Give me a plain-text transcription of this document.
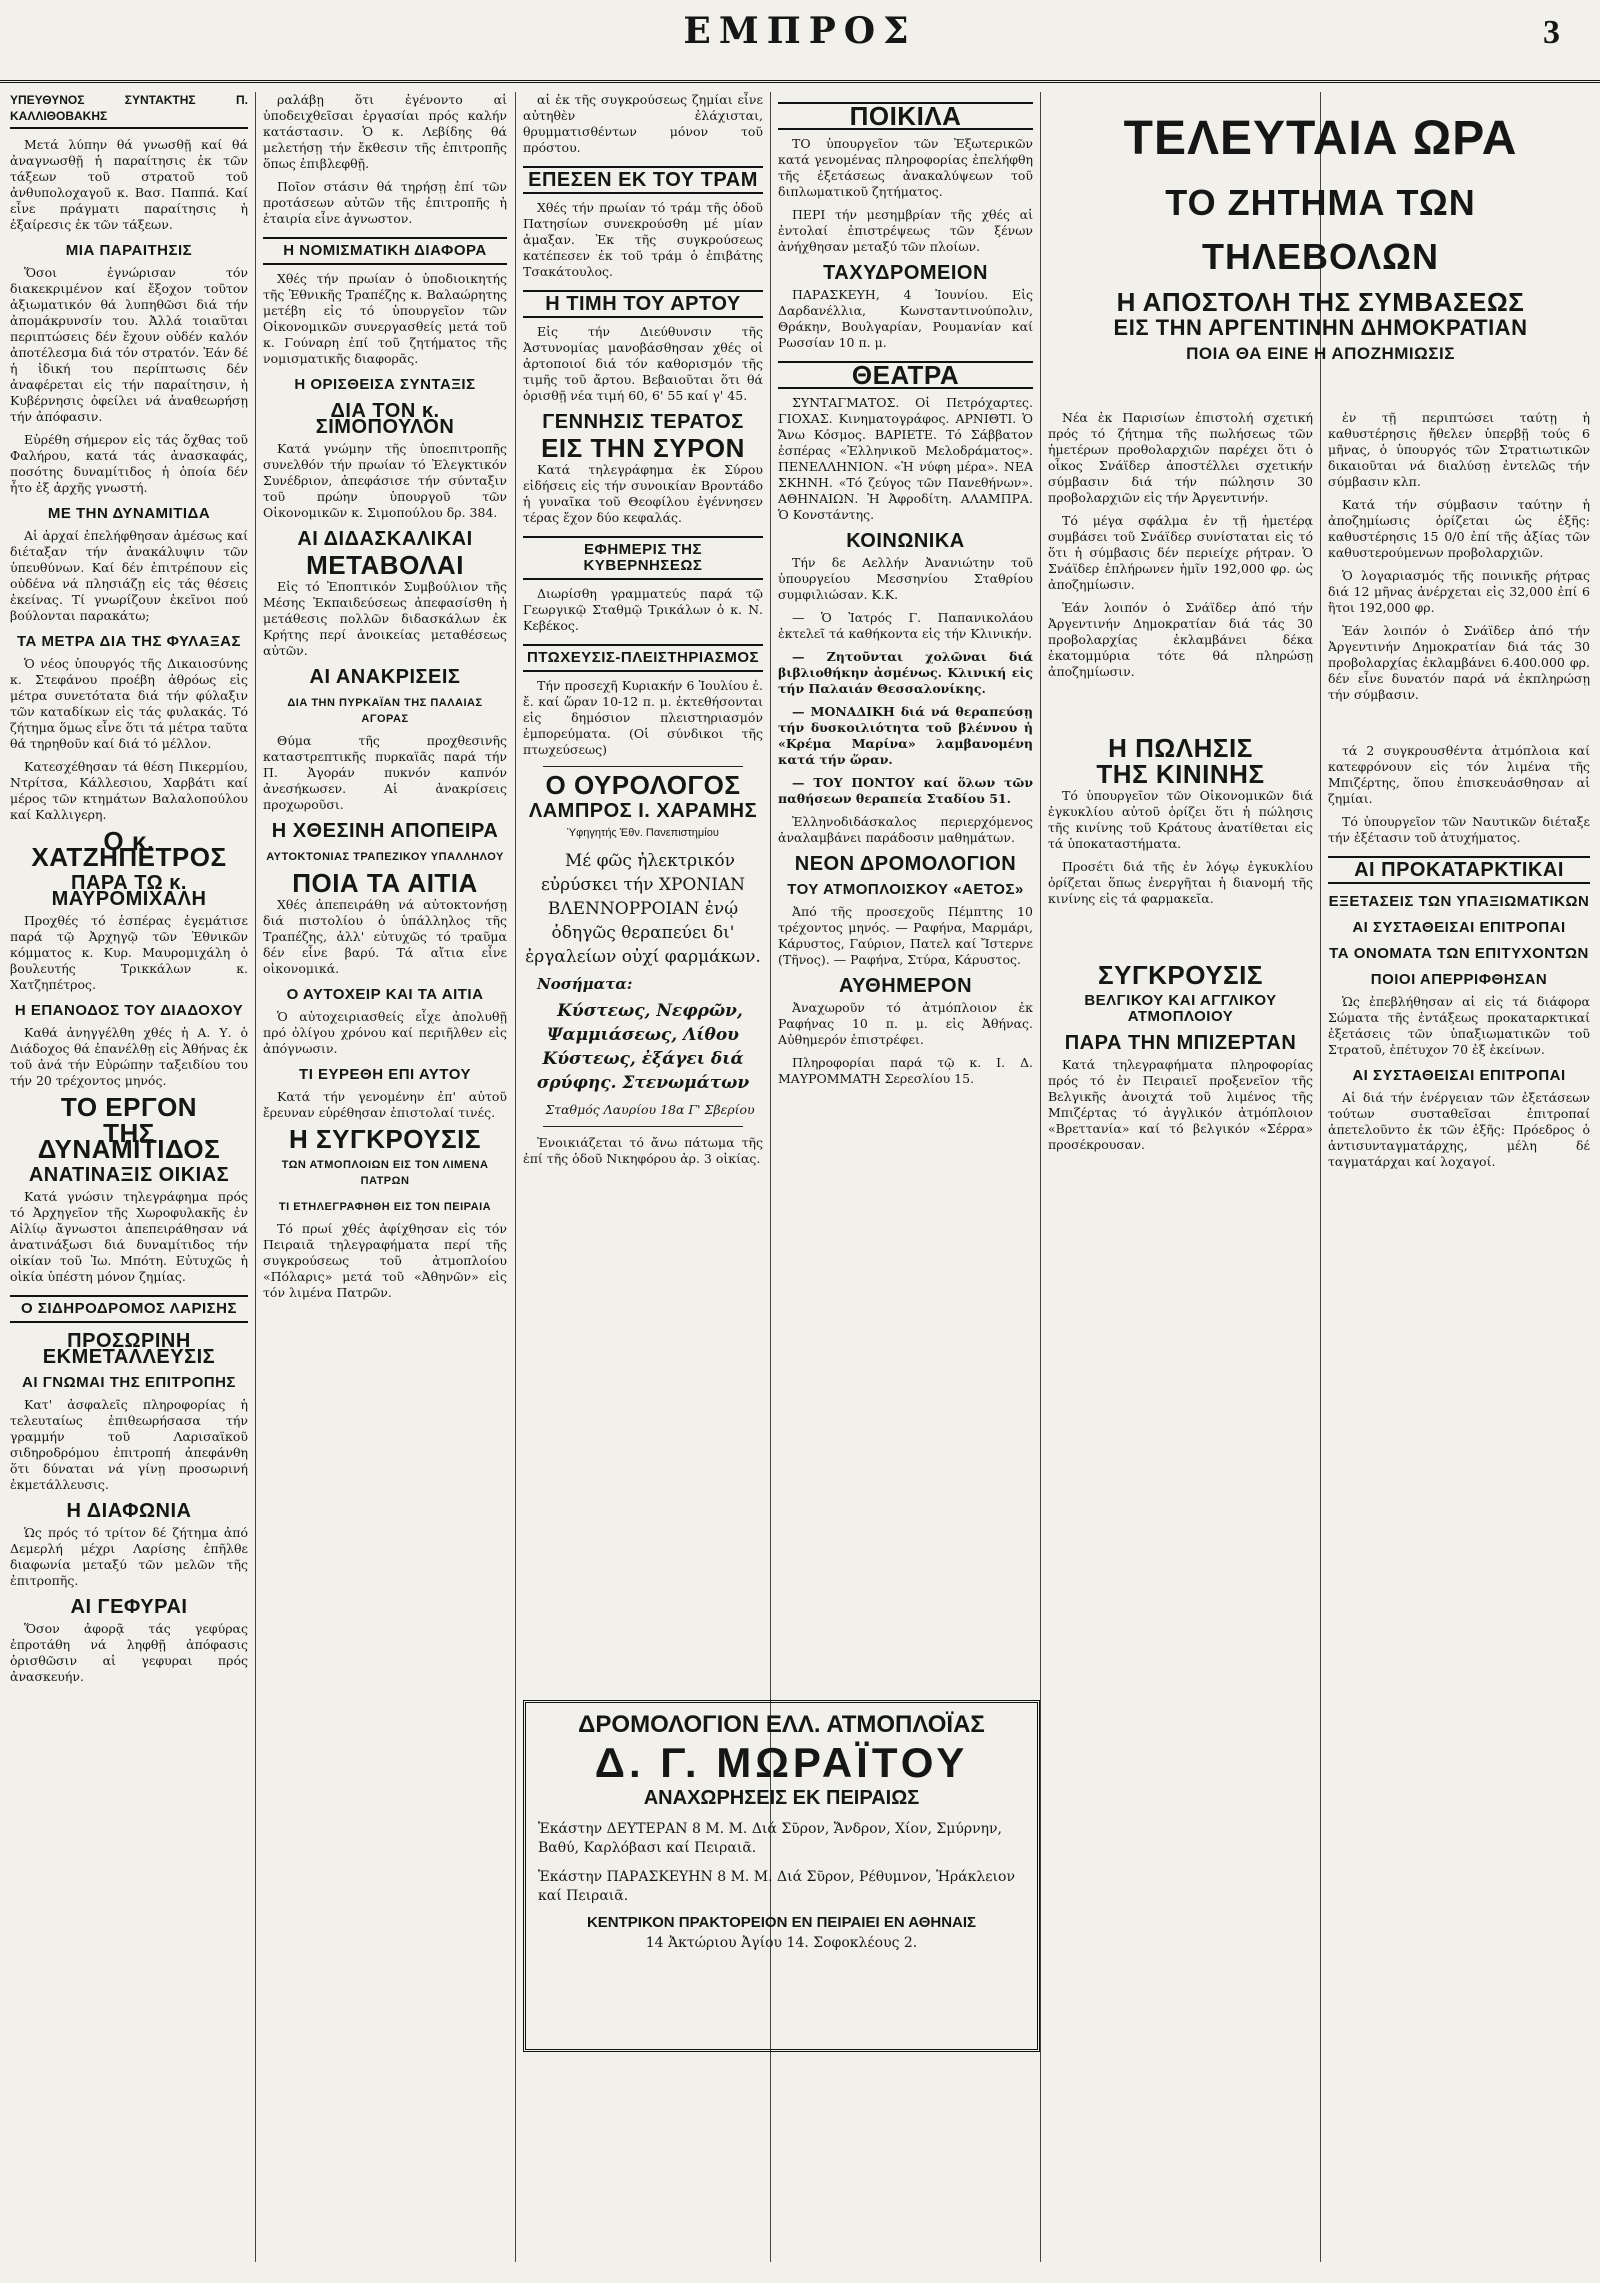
ΕΜΠΡΟΣ	3
ΥΠΕΥΘΥΝΟΣ ΣΥΝΤΑΚΤΗΣ Π. ΚΑΛΛΙΘΟΒΑΚΗΣ

Μετά λύπην θά γνωσθῇ καί θά ἀναγνωσθῇ ἡ παραίτησις ἐκ τῶν τάξεων τοῦ στρατοῦ τοῦ ἀνθυπολοχαγοῦ κ. Βασ. Παππά. Καί εἶνε πράγματι παραίτησις ἡ ἐξαίρεσις ἐκ τῶν τάξεων.

ΜΙΑ ΠΑΡΑΙΤΗΣΙΣ

Ὅσοι ἐγνώρισαν τόν διακεκριμένον καί ἔξοχον τοῦτον ἀξιωματικόν θά λυπηθῶσι διά τήν ἀπομάκρυνσίν του. Ἀλλά τοιαῦται περιπτώσεις δέν ἔχουν οὐδέν καλόν ἀποτέλεσμα διά τόν στρατόν. Ἐάν δέ ἡ ἰδική του περίπτωσις δέν ἀναφέρεται εἰς τήν παραίτησιν, ἡ Κυβέρνησις ὀφείλει νά ἀναθεωρήσῃ τήν ἀπόφασιν.

Εὑρέθη σήμερον εἰς τάς ὄχθας τοῦ Φαλήρου, κατά τάς ἀνασκαφάς, ποσότης δυναμίτιδος ἡ ὁποία δέν ἦτο ἐξ ἀρχῆς γνωστή.

ΜΕ ΤΗΝ ΔΥΝΑΜΙΤΙΔΑ

Αἱ ἀρχαί ἐπελήφθησαν ἀμέσως καί διέταξαν τήν ἀνακάλυψιν τῶν ὑπευθύνων. Καί δέν ἐπιτρέπουν εἰς οὐδένα νά πλησιάζῃ εἰς τάς θέσεις ἐκείνας. Τί γνωρίζουν ἐκεῖνοι πού βούλονται παρακάτω;

ΤΑ ΜΕΤΡΑ ΔΙΑ ΤΗΣ ΦΥΛΑΞΑΣ

Ὁ νέος ὑπουργός τῆς Δικαιοσύνης κ. Στεφάνου προέβη ἀθρόως εἰς μέτρα συνετότατα διά τήν φύλαξιν τῶν καταδίκων εἰς τάς φυλακάς. Τό ζήτημα ὅμως εἶνε ὅτι τά μέτρα ταῦτα θά τηρηθοῦν καί διά τό μέλλον.

Κατεσχέθησαν τά θέση Πικερμίου, Ντρίτσα, Κάλλεσιου, Χαρβάτι καί μέρος τῶν κτημάτων Βαλαλοπούλου καί Καλλιγερη.

Ο κ. ΧΑΤΖΗΠΕΤΡΟΣ
ΠΑΡΑ ΤΩ κ. ΜΑΥΡΟΜΙΧΑΛΗ

Προχθές τό ἑσπέρας ἐγεμάτισε παρά τῷ Ἀρχηγῷ τῶν Ἐθνικῶν κόμματος κ. Κυρ. Μαυρομιχάλη ὁ βουλευτής Τρικκάλων κ. Χατζηπέτρος.

Η ΕΠΑΝΟΔΟΣ ΤΟΥ ΔΙΑΔΟΧΟΥ

Καθά ἀνηγγέλθη χθές ἡ Α. Υ. ὁ Διάδοχος θά ἐπανέλθῃ εἰς Ἀθήνας ἐκ τοῦ ἀνά τήν Εὐρώπην ταξειδίου του τήν 20 τρέχοντος μηνός.

ΤΟ ΕΡΓΟΝ
ΤΗΣ ΔΥΝΑΜΙΤΙΔΟΣ
ΑΝΑΤΙΝΑΞΙΣ ΟΙΚΙΑΣ

Κατά γνώσιν τηλεγράφημα πρός τό Ἀρχηγεῖον τῆς Χωροφυλακῆς ἐν Αἰλίῳ ἄγνωστοι ἀπεπειράθησαν νά ἀνατινάξωσι διά δυναμίτιδος τήν οἰκίαν τοῦ Ἰω. Μπότη. Εὐτυχῶς ἡ οἰκία ὑπέστη μόνον ζημίας.

Ο ΣΙΔΗΡΟΔΡΟΜΟΣ ΛΑΡΙΣΗΣ
ΠΡΟΣΩΡΙΝΗ ΕΚΜΕΤΑΛΛΕΥΣΙΣ
ΑΙ ΓΝΩΜΑΙ ΤΗΣ ΕΠΙΤΡΟΠΗΣ

Κατ' ἀσφαλεῖς πληροφορίας ἡ τελευταίως ἐπιθεωρήσασα τήν γραμμήν τοῦ Λαρισαϊκοῦ σιδηροδρόμου ἐπιτροπή ἀπεφάνθη ὅτι δύναται νά γίνῃ προσωρινή ἐκμετάλλευσις.

Η ΔΙΑΦΩΝΙΑ

Ὡς πρός τό τρίτον δέ ζήτημα ἀπό Δεμερλή μέχρι Λαρίσης ἐπῆλθε διαφωνία μεταξύ τῶν μελῶν τῆς ἐπιτροπῆς.

ΑΙ ΓΕΦΥΡΑΙ

Ὅσον ἀφορᾷ τάς γεφύρας ἐπροτάθη νά ληφθῇ ἀπόφασις ὁρισθῶσιν αἱ γεφυραι πρός ἀνασκευήν.

ραλάβῃ ὅτι ἐγένοντο αἱ ὑποδειχθεῖσαι ἐργασίαι πρός καλήν κατάστασιν. Ὁ κ. Λεβίδης θά μελετήσῃ τήν ἔκθεσιν τῆς ἐπιτροπῆς ὅπως ἐπιβλεφθῇ.

Ποῖον στάσιν θά τηρήσῃ ἐπί τῶν προτάσεων αὐτῶν τῆς ἐπιτροπῆς ἡ ἑταιρία εἶνε ἀγνωστον.

Η ΝΟΜΙΣΜΑΤΙΚΗ ΔΙΑΦΟΡΑ

Χθές τήν πρωίαν ὁ ὑποδιοικητής τῆς Ἐθνικῆς Τραπέζης κ. Βαλαώρητης μετέβη εἰς τό ὑπουργεῖον τῶν Οἰκονομικῶν συνεργασθείς μετά τοῦ κ. Γούναρη ἐπί τοῦ ζητήματος τῆς νομισματικῆς διαφορᾶς.

Η ΟΡΙΣΘΕΙΣΑ ΣΥΝΤΑΞΙΣ
ΔΙΑ ΤΟΝ κ. ΣΙΜΟΠΟΥΛΟΝ

Κατά γνώμην τῆς ὑποεπιτροπῆς συνελθόν τήν πρωίαν τό Ἐλεγκτικόν Συνέδριον, ἀπεφάσισε τήν σύνταξιν τοῦ πρώην ὑπουργοῦ τῶν Οἰκονομικῶν κ. Σιμοπούλου δρ. 384.

ΑΙ ΔΙΔΑΣΚΑΛΙΚΑΙ
ΜΕΤΑΒΟΛΑΙ

Εἰς τό Ἐποπτικόν Συμβούλιον τῆς Μέσης Ἐκπαιδεύσεως ἀπεφασίσθη ἡ μετάθεσις πολλῶν διδασκάλων ἐκ Κρήτης περί ἀνοικείας μεταθέσεως αὐτῶν.

ΑΙ ΑΝΑΚΡΙΣΕΙΣ
ΔΙΑ ΤΗΝ ΠΥΡΚΑΪΑΝ ΤΗΣ ΠΑΛΑΙΑΣ ΑΓΟΡΑΣ

Θύμα τῆς προχθεσινῆς καταστρεπτικῆς πυρκαϊᾶς παρά τήν Π. Ἀγοράν πυκνόν καπνόν ἀνεσήκωσεν. Αἱ ἀνακρίσεις προχωροῦσι.

Η ΧΘΕΣΙΝΗ ΑΠΟΠΕΙΡΑ
ΑΥΤΟΚΤΟΝΙΑΣ ΤΡΑΠΕΖΙΚΟΥ ΥΠΑΛΛΗΛΟΥ
ΠΟΙΑ ΤΑ ΑΙΤΙΑ

Χθές ἀπεπειράθη νά αὐτοκτονήσῃ διά πιστολίου ὁ ὑπάλληλος τῆς Τραπέζης, ἀλλ' εὐτυχῶς τό τραῦμα δέν εἶνε βαρύ. Τά αἴτια εἶνε οἰκονομικά.

Ο ΑΥΤΟΧΕΙΡ ΚΑΙ ΤΑ ΑΙΤΙΑ

Ὁ αὐτοχειριασθείς εἶχε ἀπολυθῇ πρό ὀλίγου χρόνου καί περιῆλθεν εἰς ἀπόγνωσιν.

ΤΙ ΕΥΡΕΘΗ ΕΠΙ ΑΥΤΟΥ

Κατά τήν γενομένην ἐπ' αὐτοῦ ἔρευναν εὑρέθησαν ἐπιστολαί τινές.

Η ΣΥΓΚΡΟΥΣΙΣ
ΤΩΝ ΑΤΜΟΠΛΟΙΩΝ ΕΙΣ ΤΟΝ ΛΙΜΕΝΑ ΠΑΤΡΩΝ
ΤΙ ΕΤΗΛΕΓΡΑΦΗΘΗ ΕΙΣ ΤΟΝ ΠΕΙΡΑΙΑ

Τό πρωί χθές ἀφίχθησαν εἰς τόν Πειραιᾶ τηλεγραφήματα περί τῆς συγκρούσεως τοῦ ἀτμοπλοίου «Πόλαρις» μετά τοῦ «Ἀθηνῶν» εἰς τόν λιμένα Πατρῶν.

αἱ ἐκ τῆς συγκρούσεως ζημίαι εἶνε αὐτηθὲν ἐλάχισται, θρυμματισθέντων μόνον τοῦ πρόστου.

ΕΠΕΣΕΝ ΕΚ ΤΟΥ ΤΡΑΜ

Χθές τήν πρωίαν τό τράμ τῆς ὁδοῦ Πατησίων συνεκρούσθη μέ μίαν ἁμαξαν. Ἐκ τῆς συγκρούσεως κατέπεσεν ἐκ τοῦ τράμ ὁ ἐπιβάτης Τσακάτουλος.

Η ΤΙΜΗ ΤΟΥ ΑΡΤΟΥ

Εἰς τήν Διεύθυνσιν τῆς Ἀστυνομίας μανοβάσθησαν χθές οἱ ἀρτοποιοί διά τόν καθορισμόν τῆς τιμῆς τοῦ ἄρτου. Βεβαιοῦται ὅτι θά ὁρισθῇ νέα τιμή 60, 6' 55 καί γ' 45.

ΓΕΝΝΗΣΙΣ ΤΕΡΑΤΟΣ
ΕΙΣ ΤΗΝ ΣΥΡΟΝ

Κατά τηλεγράφημα ἐκ Σύρου εἰδήσεις εἰς τήν συνοικίαν Βροντάδο ἡ γυναῖκα τοῦ Θεοφίλου ἐγέννησεν τέρας ἔχον δύο κεφαλάς.

ΕΦΗΜΕΡΙΣ ΤΗΣ ΚΥΒΕΡΝΗΣΕΩΣ

Διωρίσθη γραμματεύς παρά τῷ Γεωργικῷ Σταθμῷ Τρικάλων ὁ κ. Ν. Κεβέκος.

ΠΤΩΧΕΥΣΙΣ-ΠΛΕΙΣΤΗΡΙΑΣΜΟΣ

Τήν προσεχῆ Κυριακήν 6 Ἰουλίου ἐ. ἔ. καί ὥραν 10-12 π. μ. ἐκτεθήσονται εἰς δημόσιον πλειστηριασμόν ἐμπορεύματα. (Οἱ σύνδικοι τῆς πτωχεύσεως)

Ο ΟΥΡΟΛΟΓΟΣ
ΛΑΜΠΡΟΣ Ι. ΧΑΡΑΜΗΣ
Ὑφηγητής Ἐθν. Πανεπιστημίου

Μέ φῶς ἠλεκτρικόν εὐρύσκει τήν ΧΡΟΝΙΑΝ ΒΛΕΝΝΟΡΡΟΙΑΝ ἐνῴ ὁδηγῶς θεραπεύει δι' ἐργαλείων οὐχί φαρμάκων.

Νοσήματα:

Κύστεως, Νεφρῶν, Ψαμμιάσεως, Λίθου Κύστεως, ἐξάγει διά σρύφης. Στενωμάτων

Σταθμός Λαυρίου 18α Γ' Σβερίου

Ἐνοικιάζεται τό ἄνω πάτωμα τῆς ἐπί τῆς ὁδοῦ Νικηφόρου ἀρ. 3 οἰκίας.

ΠΟΙΚΙΛΑ

ΤΟ ὑπουργεῖον τῶν Ἐξωτερικῶν κατά γενομένας πληροφορίας ἐπελήφθη τῆς ἐξετάσεως ἀνακαλύψεων τοῦ διπλωματικοῦ ζητήματος.

ΠΕΡΙ τήν μεσημβρίαν τῆς χθές αἱ ἐντολαί ἐπιστρέψεως τῶν ξένων ἀνήχθησαν μεταξύ τῶν πλοίων.

ΤΑΧΥΔΡΟΜΕΙΟΝ

ΠΑΡΑΣΚΕΥΗ, 4 Ἰουνίου. Εἰς Δαρδανέλλια, Κωνσταντινούπολιν, Θράκην, Βουλγαρίαν, Ρουμανίαν καί Ρωσσίαν 10 π. μ.

ΘΕΑΤΡΑ

ΣΥΝΤΑΓΜΑΤΟΣ. Οἱ Πετρόχαρτες. ΓΙΟΧΑΣ. Κινηματογράφος. ΑΡΝΙΘΤΙ. Ὁ Ἄνω Κόσμος. ΒΑΡΙΕΤΕ. Τό Σάββατον ἑσπέρας «Ἑλληνικοῦ Μελοδράματος». ΠΕΝΕΛΛΗΝΙΟΝ. «Ἡ νύφη μέρα». ΝΕΑ ΣΚΗΝΗ. «Τό ζεύγος τῶν Πανεθήνων». ΑΘΗΝΑΙΩΝ. Ἡ Ἀφροδίτη. ΑΛΑΜΠΡΑ. Ὁ Κονστάντης.

ΚΟΙΝΩΝΙΚΑ

Τήν δε Αελλήν Ἀνανιώτην τοῦ ὑπουργείου Μεσσηνίου Σταθρίου συμφιλιώσαν. Κ.Κ.

— Ὁ Ἰατρός Γ. Παπανικολάου ἐκτελεῖ τά καθήκοντα εἰς τήν Κλινικήν.

— Ζητοῦνται χολῶναι διά βιβλιοθήκην ἀσμένως. Κλινική εἰς τήν Παλαιάν Θεσσαλονίκης.

— ΜΟΝΑΔΙΚΗ διά νά θεραπεύσῃ τήν δυσκοιλιότητα τοῦ βλέννου ἡ «Κρέμα Μαρίνα» λαμβανομένη κατά τήν ὥραν.

— ΤΟΥ ΠΟΝΤΟΥ καί ὅλων τῶν παθήσεων θεραπεία Σταδίου 51.

Ἑλληνοδιδάσκαλος περιερχόμενος ἀναλαμβάνει παράδοσιν μαθημάτων.

ΝΕΟΝ ΔΡΟΜΟΛΟΓΙΟΝ
ΤΟΥ ΑΤΜΟΠΛΟΙΣΚΟΥ «ΑΕΤΟΣ»

Ἀπό τῆς προσεχοῦς Πέμπτης 10 τρέχοντος μηνός. — Ραφήνα, Μαρμάρι, Κάρυστος, Γαύριον, Πατελ καί Ἴστερνε (Τῆνος). — Ραφήνα, Στύρα, Κάρυστος.

ΑΥΘΗΜΕΡΟΝ

Ἀναχωροῦν τό ἀτμόπλοιον ἐκ Ραφήνας 10 π. μ. εἰς Ἀθήνας. Αὐθημερόν ἐπιστρέφει.

Πληροφορίαι παρά τῷ κ. Ι. Δ. ΜΑΥΡΟΜΜΑΤΗ Σερεσλίου 15.

ΤΕΛΕΥΤΑΙΑ ΩΡΑ
ΤΟ ΖΗΤΗΜΑ ΤΩΝ ΤΗΛΕΒΟΛΩΝ
Η ΑΠΟΣΤΟΛΗ ΤΗΣ ΣΥΜΒΑΣΕΩΣ
ΕΙΣ ΤΗΝ ΑΡΓΕΝΤΙΝΗΝ ΔΗΜΟΚΡΑΤΙΑΝ
ΠΟΙΑ ΘΑ ΕΙΝΕ Η ΑΠΟΖΗΜΙΩΣΙΣ

Νέα ἐκ Παρισίων ἐπιστολή σχετική πρός τό ζήτημα τῆς πωλήσεως τῶν ἡμετέρων προθολαρχιῶν παρέχει ὅτι ὁ οἶκος Σνάϊδερ ἀποστέλλει σχετικήν σύμβασιν διά τήν πώλησιν 30 προβολαρχιῶν εἰς τήν Ἀργεντινήν.

Τό μέγα σφάλμα ἐν τῇ ἡμετέρᾳ συμβάσει τοῦ Σνάϊδερ συνίσταται εἰς τό ὅτι ἡ σύμβασις δέν περιείχε ρήτραν. Ὁ Σνάϊδερ ἐπλήρωνεν ἡμῖν 192,000 φρ. ὡς ἀποζημίωσιν.

Ἐάν λοιπόν ὁ Σνάϊδερ ἀπό τήν Ἀργεντινήν Δημοκρατίαν διά τάς 30 προβολαρχίας ἐκλαμβάνει δέκα ἑκατομμύρια τότε θά πληρώσῃ ἀποζημίωσιν.

Η ΠΩΛΗΣΙΣ
ΤΗΣ ΚΙΝΙΝΗΣ

Τό ὑπουργεῖον τῶν Οἰκονομικῶν διά ἐγκυκλίου αὐτοῦ ὁρίζει ὅτι ἡ πώλησις τῆς κινίνης τοῦ Κράτους ἀνατίθεται εἰς τά ὑποκαταστήματα.

Προσέτι διά τῆς ἐν λόγῳ ἐγκυκλίου ὁρίζεται ὅπως ἐνεργῆται ἡ διανομή τῆς κινίνης εἰς τά φαρμακεῖα.

ΣΥΓΚΡΟΥΣΙΣ
ΒΕΛΓΙΚΟΥ ΚΑΙ ΑΓΓΛΙΚΟΥ ΑΤΜΟΠΛΟΙΟΥ
ΠΑΡΑ ΤΗΝ ΜΠΙΖΕΡΤΑΝ

Κατά τηλεγραφήματα πληροφορίας πρός τό ἐν Πειραιεῖ προξενεῖον τῆς Βελγικῆς ἀνοιχτά τοῦ λιμένος τῆς Μπιζέρτας τό ἀγγλικόν ἀτμόπλοιον «Βρεττανία» καί τό βελγικόν «Σέρρα» προσέκρουσαν.

ἐν τῇ περιπτώσει ταύτῃ ἡ καθυστέρησις ἤθελεν ὑπερβῇ τούς 6 μῆνας, ὁ ὑπουργός τῶν Στρατιωτικῶν δικαιοῦται νά διαλύσῃ ἐντελῶς τήν σύμβασιν κλπ.

Κατά τήν σύμβασιν ταύτην ἡ ἀποζημίωσις ὁρίζεται ὡς ἑξῆς: καθυστέρησις 15 0/0 ἐπί τῆς ἀξίας τῶν καθυστερούμενων προβολαρχιῶν.

Ὁ λογαριασμός τῆς ποινικῆς ρήτρας διά 12 μῆνας ἀνέρχεται εἰς 32,000 ἐπί 6 ἢτοι 192,000 φρ.

Ἐάν λοιπόν ὁ Σνάϊδερ ἀπό τήν Ἀργεντινήν Δημοκρατίαν διά τάς 30 προβολαρχίας ἐκλαμβάνει 6.400.000 φρ. δέν εἶνε δυνατόν παρά νά ἐκπληρώσῃ τήν σύμβασιν.

τά 2 συγκρουσθέντα ἀτμόπλοια καί κατεφρόνουν εἰς τόν λιμένα τῆς Μπιζέρτης, ὅπου ἐπισκευάσθησαν αἱ ζημίαι.

Τό ὑπουργεῖον τῶν Ναυτικῶν διέταξε τήν ἐξέτασιν τοῦ ἀτυχήματος.

ΑΙ ΠΡΟΚΑΤΑΡΚΤΙΚΑΙ
ΕΞΕΤΑΣΕΙΣ ΤΩΝ ΥΠΑΞΙΩΜΑΤΙΚΩΝ
ΑΙ ΣΥΣΤΑΘΕΙΣΑΙ ΕΠΙΤΡΟΠΑΙ
ΤΑ ΟΝΟΜΑΤΑ ΤΩΝ ΕΠΙΤΥΧΟΝΤΩΝ
ΠΟΙΟΙ ΑΠΕΡΡΙΦΘΗΣΑΝ

Ὡς ἐπεβλήθησαν αἱ εἰς τά διάφορα Σώματα τῆς ἐντάξεως προκαταρκτικαί ἐξετάσεις τῶν ὑπαξιωματικῶν τοῦ Στρατοῦ, ἐπέτυχον 70 ἐξ ἐκείνων.

ΑΙ ΣΥΣΤΑΘΕΙΣΑΙ ΕΠΙΤΡΟΠΑΙ

Αἱ διά τήν ἐνέργειαν τῶν ἐξετάσεων τούτων συσταθεῖσαι ἐπιτροπαί ἀπετελοῦντο ἐκ τῶν ἑξῆς: Πρόεδρος ὁ ἀντισυνταγματάρχης, μέλη δέ ταγματάρχαι καί λοχαγοί.

ΔΡΟΜΟΛΟΓΙΟΝ ΕΛΛ. ΑΤΜΟΠΛΟΪΑΣ
Δ. Γ. ΜΩΡΑΪΤΟΥ
ΑΝΑΧΩΡΗΣΕΙΣ ΕΚ ΠΕΙΡΑΙΩΣ

Ἑκάστην ΔΕΥΤΕΡΑΝ 8 Μ. Μ. Διά Σῦρον, Ἄνδρον, Χίον, Σμύρνην, Βαθύ, Καρλόβασι καί Πειραιᾶ.

Ἑκάστην ΠΑΡΑΣΚΕΥΗΝ 8 Μ. Μ. Διά Σῦρον, Ρέθυμνον, Ἡράκλειον καί Πειραιᾶ.

ΚΕΝΤΡΙΚΟΝ ΠΡΑΚΤΟΡΕΙΟΝ ΕΝ ΠΕΙΡΑΙΕΙ ΕΝ ΑΘΗΝΑΙΣ
14 Ἀκτώριου Ἀγίου 14. Σοφοκλέους 2.
